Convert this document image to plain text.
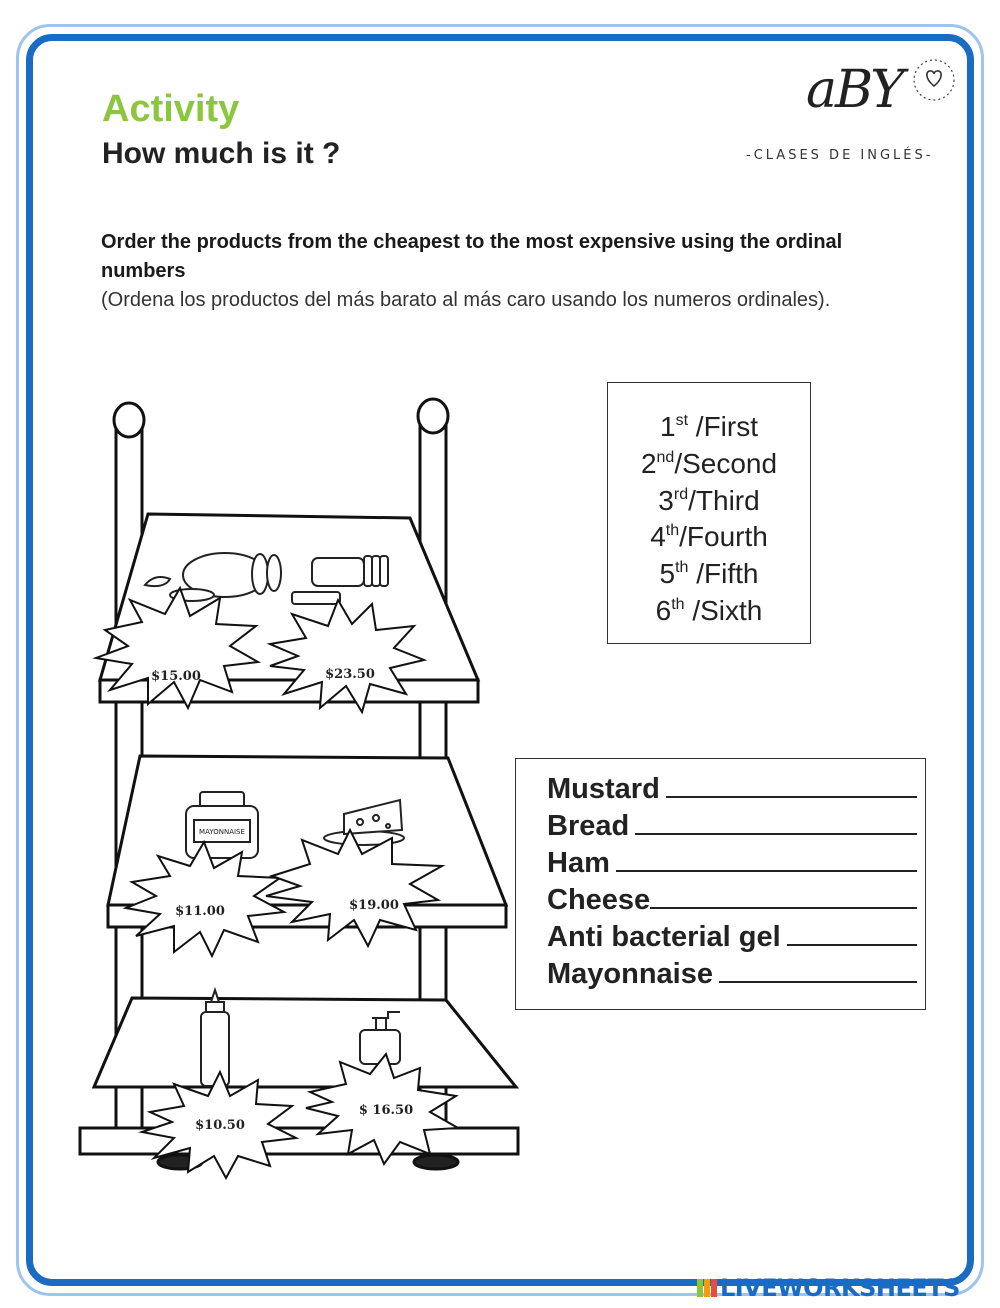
Activity
How much is it ?
aBY
-CLASES DE INGLÉS-

Order the products from the cheapest to the most expensive using the ordinal numbers

(Ordena los productos del más barato al más caro usando los numeros ordinales).

1st /First
2nd/Second
3rd/Third
4th/Fourth
5th /Fifth
6th /Sixth
Mustard
Bread
Ham
Cheese
Anti bacterial gel
Mayonnaise
MAYONNAISE
$15.00	$23.50
$11.00	$19.00
$10.50
$ 16.50
LIVEWORKSHEETS
